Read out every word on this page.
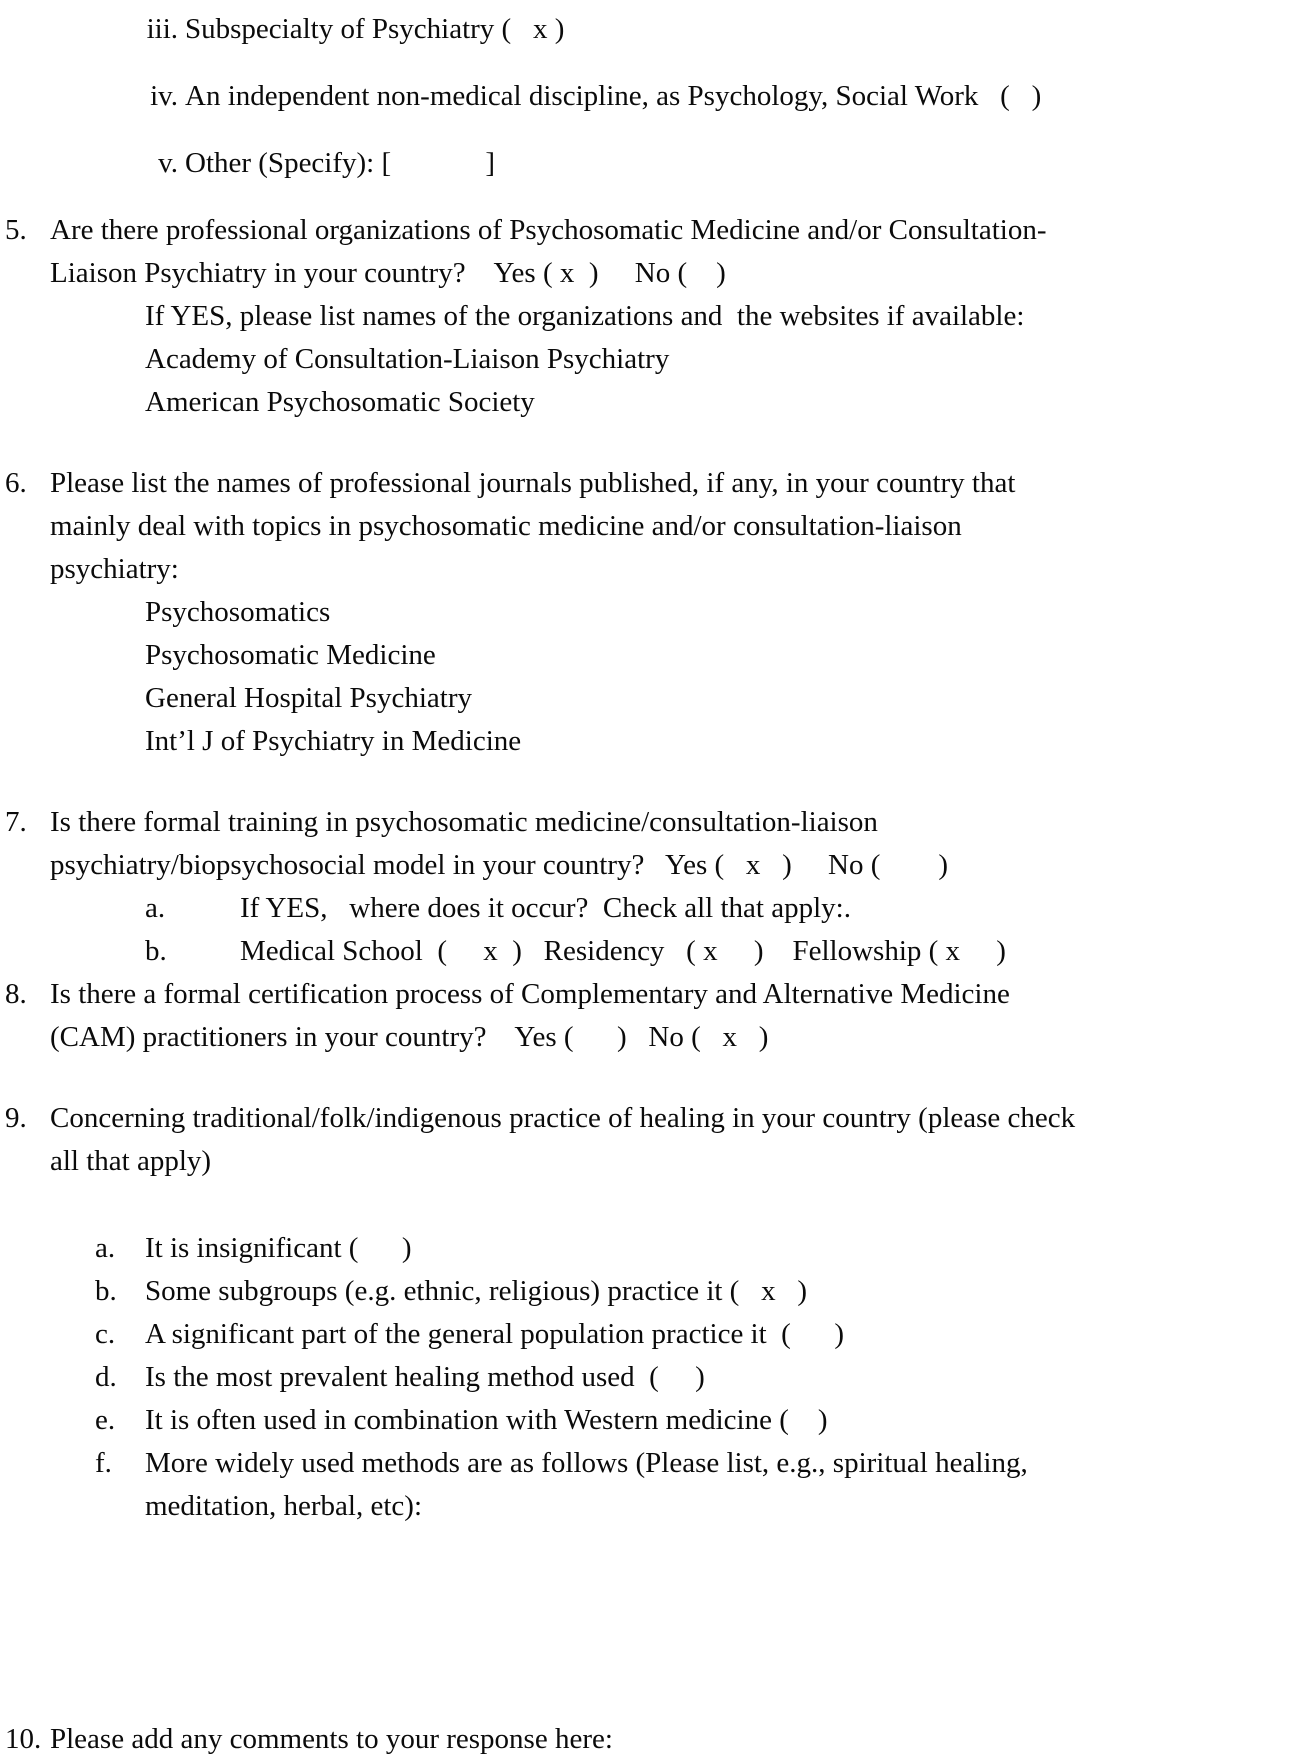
iii. Subspecialty of Psychiatry (   x )
iv. An independent non-medical discipline, as Psychology, Social Work   (   )
v. Other (Specify): [             ]
5. Are there professional organizations of Psychosomatic Medicine and/or Consultation-
Liaison Psychiatry in your country?    Yes ( x  )     No (    )
If YES, please list names of the organizations and  the websites if available:
Academy of Consultation-Liaison Psychiatry
American Psychosomatic Society
6. Please list the names of professional journals published, if any, in your country that
mainly deal with topics in psychosomatic medicine and/or consultation-liaison
psychiatry:
Psychosomatics
Psychosomatic Medicine
General Hospital Psychiatry
Int’l J of Psychiatry in Medicine
7. Is there formal training in psychosomatic medicine/consultation-liaison
psychiatry/biopsychosocial model in your country?   Yes (   x   )     No (        )
a.	If YES,   where does it occur?  Check all that apply:.
b.	Medical School  (     x  )   Residency   ( x     )    Fellowship ( x     )
8. Is there a formal certification process of Complementary and Alternative Medicine
(CAM) practitioners in your country?    Yes (      )   No (   x   )
9. Concerning traditional/folk/indigenous practice of healing in your country (please check
all that apply)
a. It is insignificant (      )
b. Some subgroups (e.g. ethnic, religious) practice it (   x   )
c. A significant part of the general population practice it  (      )
d. Is the most prevalent healing method used  (     )
e. It is often used in combination with Western medicine (    )
f. More widely used methods are as follows (Please list, e.g., spiritual healing,
meditation, herbal, etc):
10. Please add any comments to your response here:
